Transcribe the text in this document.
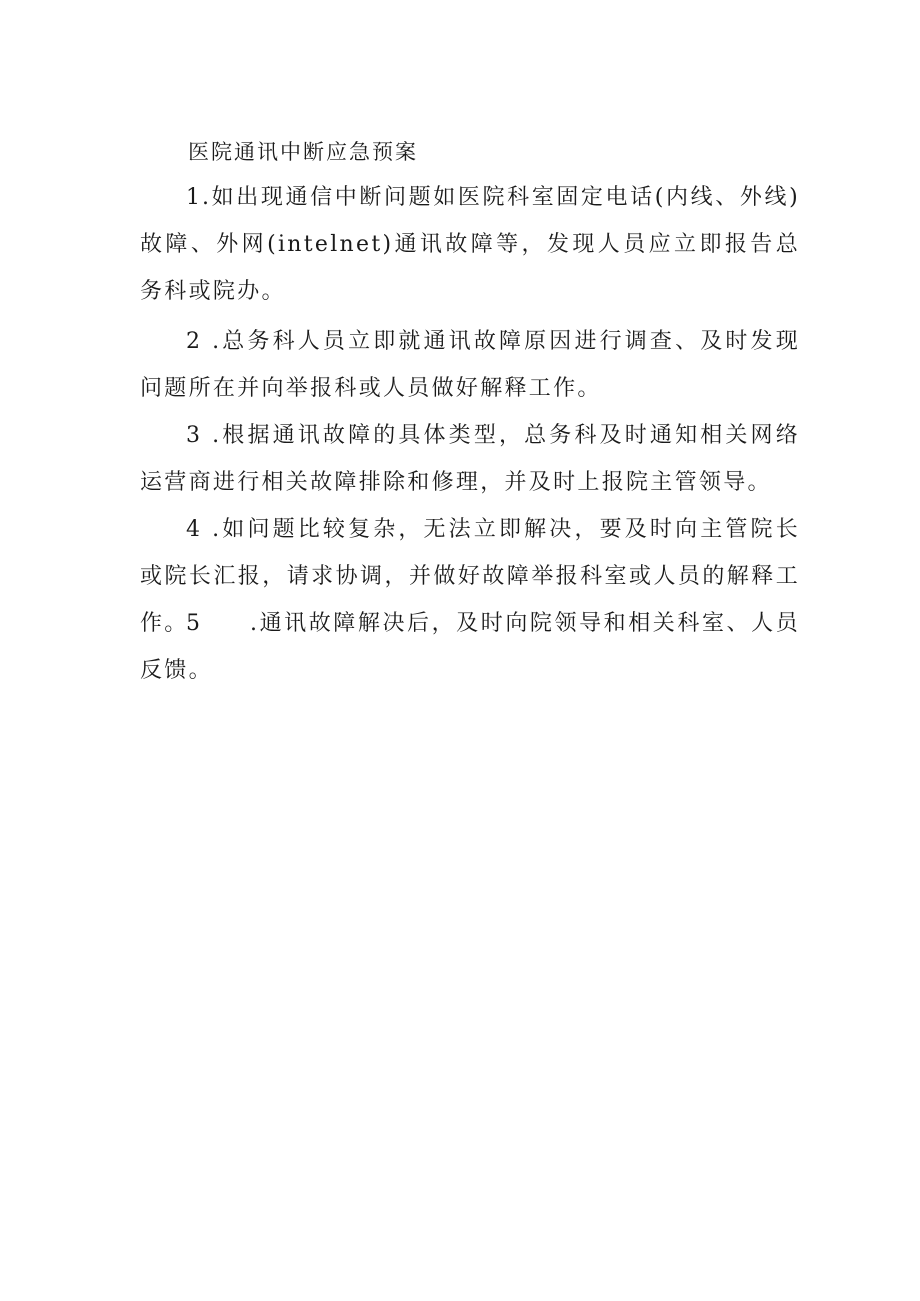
医院通讯中断应急预案

1.如出现通信中断问题如医院科室固定电话(内线、外线)故障、外网(intelnet)通讯故障等，发现人员应立即报告总务科或院办。

2 .总务科人员立即就通讯故障原因进行调查、及时发现问题所在并向举报科或人员做好解释工作。

3 .根据通讯故障的具体类型，总务科及时通知相关网络运营商进行相关故障排除和修理，并及时上报院主管领导。

4 .如问题比较复杂，无法立即解决，要及时向主管院长或院长汇报，请求协调，并做好故障举报科室或人员的解释工作。

5 .通讯故障解决后，及时向院领导和相关科室、人员反馈。
